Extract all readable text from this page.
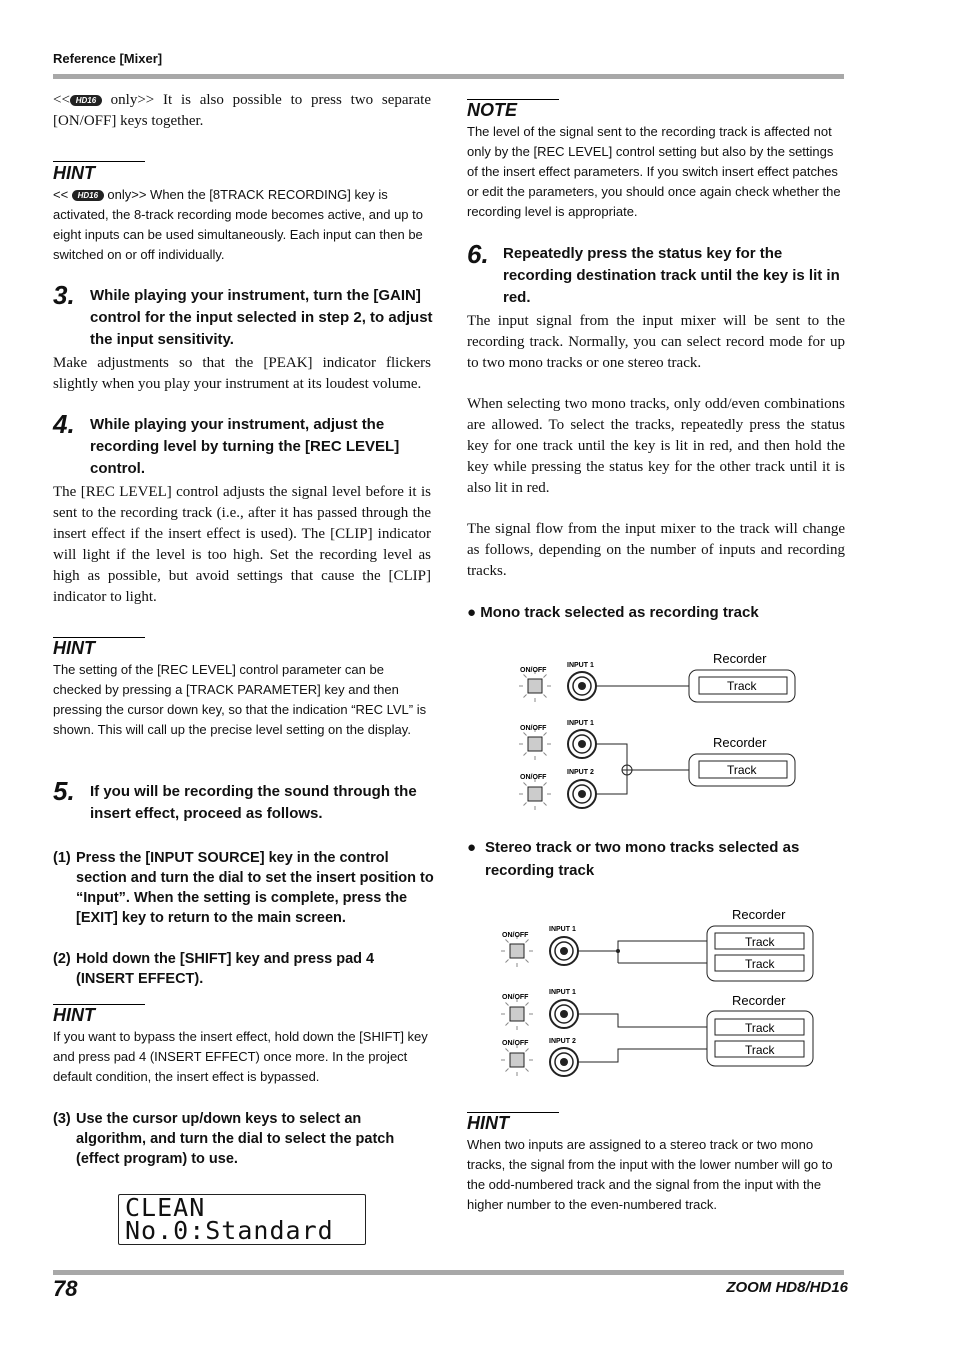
Reference [Mixer]
<< HD16 only>> It is also possible to press two separate [ON/OFF] keys together.
HINT
<< HD16 only>> When the [8TRACK RECORDING] key is activated, the 8-track recording mode becomes active, and up to eight inputs can be used simultaneously. Each input can then be switched on or off individually.
3. While playing your instrument, turn the [GAIN] control for the input selected in step 2, to adjust the input sensitivity.
Make adjustments so that the [PEAK] indicator flickers slightly when you play your instrument at its loudest volume.
4. While playing your instrument, adjust the recording level by turning the [REC LEVEL] control.
The [REC LEVEL] control adjusts the signal level before it is sent to the recording track (i.e., after it has passed through the insert effect if the insert effect is used). The [CLIP] indicator will light if the level is too high. Set the recording level as high as possible, but avoid settings that cause the [CLIP] indicator to light.
HINT
The setting of the [REC LEVEL] control parameter can be checked by pressing a [TRACK PARAMETER] key and then pressing the cursor down key, so that the indication “REC LVL” is shown. This will call up the precise level setting on the display.
5. If you will be recording the sound through the insert effect, proceed as follows.
(1) Press the [INPUT SOURCE] key in the control section and turn the dial to set the insert position to “Input”. When the setting is complete, press the [EXIT] key to return to the main screen.
(2) Hold down the [SHIFT] key and press pad 4 (INSERT EFFECT).
HINT
If you want to bypass the insert effect, hold down the [SHIFT] key and press pad 4 (INSERT EFFECT) once more. In the project default condition, the insert effect is bypassed.
(3) Use the cursor up/down keys to select an algorithm, and turn the dial to select the patch (effect program) to use.
CLEAN
No.0:Standard
NOTE
The level of the signal sent to the recording track is affected not only by the [REC LEVEL] control setting but also by the settings of the insert effect parameters. If you switch insert effect patches or edit the parameters, you should once again check whether the recording level is appropriate.
6. Repeatedly press the status key for the recording destination track until the key is lit in red.
The input signal from the input mixer will be sent to the recording track. Normally, you can select record mode for up to two mono tracks or one stereo track.
When selecting two mono tracks, only odd/even combinations are allowed. To select the tracks, repeatedly press the status key for one track until the key is lit in red, and then hold the key while pressing the status key for the other track until it is also lit in red.
The signal flow from the input mixer to the track will change as follows, depending on the number of inputs and recording tracks.
● Mono track selected as recording track
ON/OFF
INPUT 1	Recorder
Track
ON/OFF
INPUT 1
ON/OFF
INPUT 2
Recorder
Track
● Stereo track or two mono tracks selected as recording track
ON/OFF
INPUT 1
Recorder
Track
Track
ON/OFF
INPUT 1
ON/OFF	INPUT 2
Recorder
Track
Track
HINT
When two inputs are assigned to a stereo track or two mono tracks, the signal from the input with the lower number will go to the odd-numbered track and the signal from the input with the higher number to the even-numbered track.
78	ZOOM HD8/HD16
